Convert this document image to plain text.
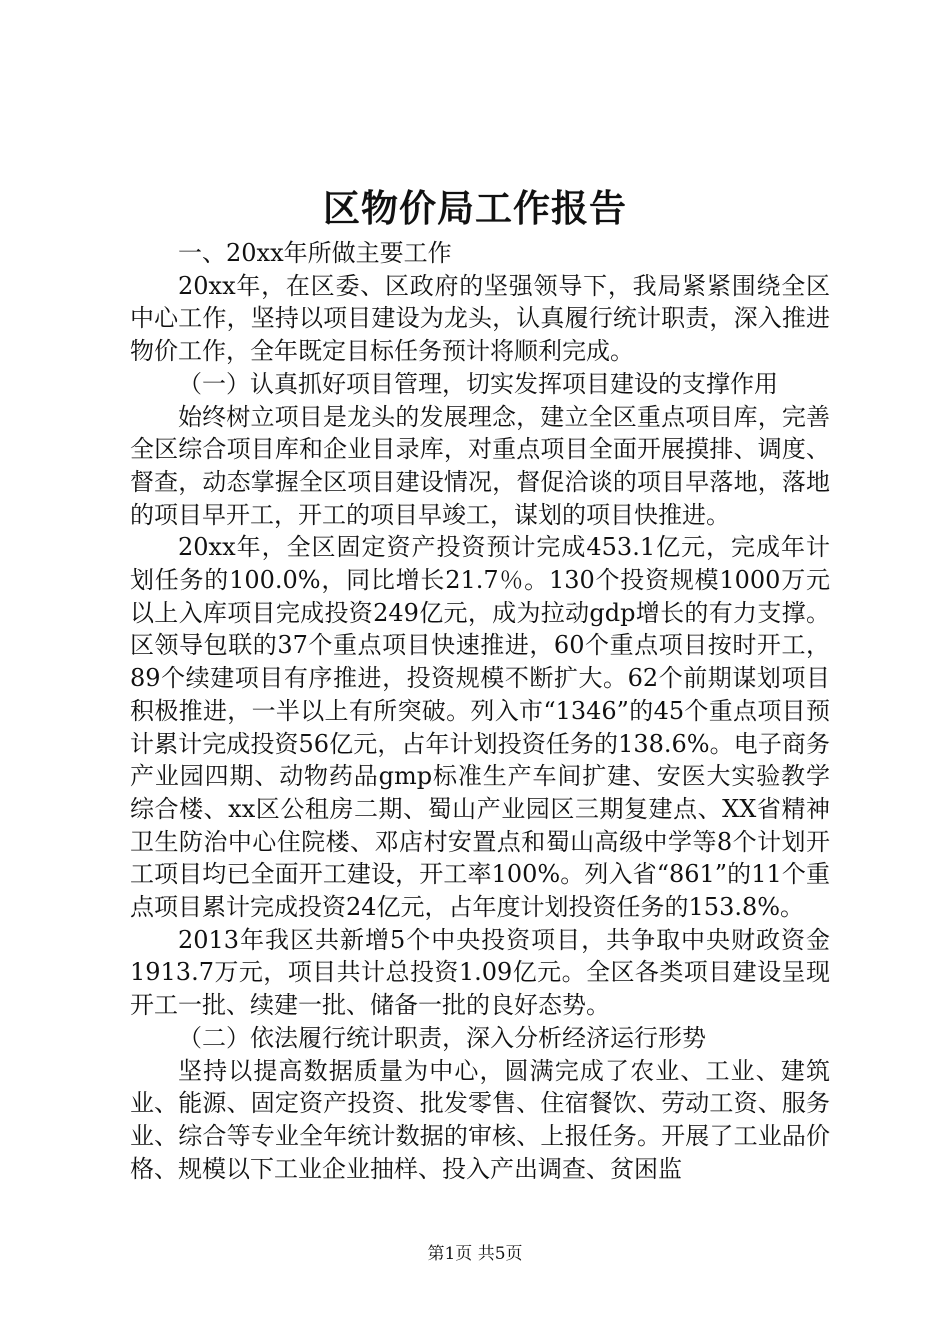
区物价局工作报告

一、20xx年所做主要工作

20xx年，在区委、区政府的坚强领导下，我局紧紧围绕全区中心工作，坚持以项目建设为龙头，认真履行统计职责，深入推进物价工作，全年既定目标任务预计将顺利完成。

（一）认真抓好项目管理，切实发挥项目建设的支撑作用

始终树立项目是龙头的发展理念，建立全区重点项目库，完善全区综合项目库和企业目录库，对重点项目全面开展摸排、调度、督查，动态掌握全区项目建设情况，督促洽谈的项目早落地，落地的项目早开工，开工的项目早竣工，谋划的项目快推进。

20xx年，全区固定资产投资预计完成453.1亿元，完成年计划任务的100.0%，同比增长21.7％。130个投资规模1000万元以上入库项目完成投资249亿元，成为拉动gdp增长的有力支撑。区领导包联的37个重点项目快速推进，60个重点项目按时开工，89个续建项目有序推进，投资规模不断扩大。62个前期谋划项目积极推进，一半以上有所突破。列入市“1346”的45个重点项目预计累计完成投资56亿元，占年计划投资任务的138.6%。电子商务产业园四期、动物药品gmp标准生产车间扩建、安医大实验教学综合楼、xx区公租房二期、蜀山产业园区三期复建点、XX省精神卫生防治中心住院楼、邓店村安置点和蜀山高级中学等8个计划开工项目均已全面开工建设，开工率100%。列入省“861”的11个重点项目累计完成投资24亿元，占年度计划投资任务的153.8%。

2013年我区共新增5个中央投资项目，共争取中央财政资金1913.7万元，项目共计总投资1.09亿元。全区各类项目建设呈现开工一批、续建一批、储备一批的良好态势。

（二）依法履行统计职责，深入分析经济运行形势

坚持以提高数据质量为中心，圆满完成了农业、工业、建筑业、能源、固定资产投资、批发零售、住宿餐饮、劳动工资、服务业、综合等专业全年统计数据的审核、上报任务。开展了工业品价格、规模以下工业企业抽样、投入产出调查、贫困监

第1页 共5页
